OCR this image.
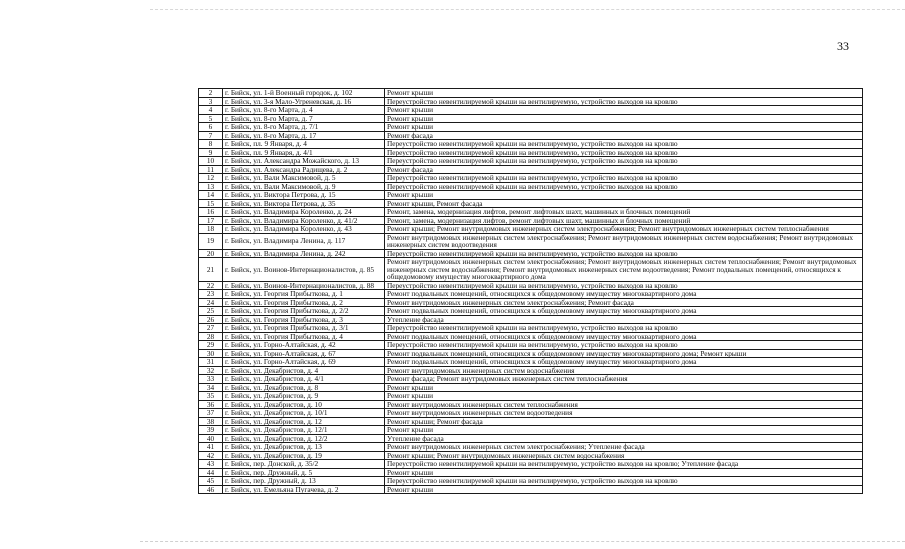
33
2	г. Бийск, ул. 1-й Военный городок, д. 102	Ремонт крыши
3	г. Бийск, ул. 3-я Мало-Угреневская, д. 16	Переустройство невентилируемой крыши на вентилируемую, устройство выходов на кровлю
4	г. Бийск, ул. 8-го Марта, д. 4	Ремонт крыши
5	г. Бийск, ул. 8-го Марта, д. 7	Ремонт крыши
6	г. Бийск, ул. 8-го Марта, д. 7/1	Ремонт крыши
7	г. Бийск, ул. 8-го Марта, д. 17	Ремонт фасада
8	г. Бийск, пл. 9 Января, д. 4	Переустройство невентилируемой крыши на вентилируемую, устройство выходов на кровлю
9	г. Бийск, пл. 9 Января, д. 4/1	Переустройство невентилируемой крыши на вентилируемую, устройство выходов на кровлю
10	г. Бийск, ул. Александра Можайского, д. 13	Переустройство невентилируемой крыши на вентилируемую, устройство выходов на кровлю
11	г. Бийск, ул. Александра Радищева, д. 2	Ремонт фасада
12	г. Бийск, ул. Вали Максимовой, д. 5	Переустройство невентилируемой крыши на вентилируемую, устройство выходов на кровлю
13	г. Бийск, ул. Вали Максимовой, д. 9	Переустройство невентилируемой крыши на вентилируемую, устройство выходов на кровлю
14	г. Бийск, ул. Виктора Петрова, д. 15	Ремонт крыши
15	г. Бийск, ул. Виктора Петрова, д. 35	Ремонт крыши, Ремонт фасада
16	г. Бийск, ул. Владимира Короленко, д. 24	Ремонт, замена, модернизация лифтов, ремонт лифтовых шахт, машинных и блочных помещений
17	г. Бийск, ул. Владимира Короленко, д. 41/2	Ремонт, замена, модернизация лифтов, ремонт лифтовых шахт, машинных и блочных помещений
18	г. Бийск, ул. Владимира Короленко, д. 43	Ремонт крыши; Ремонт внутридомовых инженерных систем электроснабжения; Ремонт внутридомовых инженерных систем теплоснабжения
19	г. Бийск, ул. Владимира Ленина, д. 117	Ремонт внутридомовых инженерных систем электроснабжения; Ремонт внутридомовых инженерных систем водоснабжения; Ремонт внутридомовых инженерных систем водоотведения
20	г. Бийск, ул. Владимира Ленина, д. 242	Переустройство невентилируемой крыши на вентилируемую, устройство выходов на кровлю
21	г. Бийск, ул. Воинов-Интернационалистов, д. 85	Ремонт внутридомовых инженерных систем электроснабжения; Ремонт внутридомовых инженерных систем теплоснабжения; Ремонт внутридомовых инженерных систем водоснабжения; Ремонт внутридомовых инженерных систем водоотведения; Ремонт подвальных помещений, относящихся к общедомовому имуществу многоквартирного дома
22	г. Бийск, ул. Воинов-Интернационалистов, д. 88	Переустройство невентилируемой крыши на вентилируемую, устройство выходов на кровлю
23	г. Бийск, ул. Георгия Прибыткова, д. 1	Ремонт подвальных помещений, относящихся к общедомовому имуществу многоквартирного дома
24	г. Бийск, ул. Георгия Прибыткова, д. 2	Ремонт внутридомовых инженерных систем электроснабжения; Ремонт фасада
25	г. Бийск, ул. Георгия Прибыткова, д. 2/2	Ремонт подвальных помещений, относящихся к общедомовому имуществу многоквартирного дома
26	г. Бийск, ул. Георгия Прибыткова, д. 3	Утепление фасада
27	г. Бийск, ул. Георгия Прибыткова, д. 3/1	Переустройство невентилируемой крыши на вентилируемую, устройство выходов на кровлю
28	г. Бийск, ул. Георгия Прибыткова, д. 4	Ремонт подвальных помещений, относящихся к общедомовому имуществу многоквартирного дома
29	г. Бийск, ул. Горно-Алтайская, д. 42	Переустройство невентилируемой крыши на вентилируемую, устройство выходов на кровлю
30	г. Бийск, ул. Горно-Алтайская, д. 67	Ремонт подвальных помещений, относящихся к общедомовому имуществу многоквартирного дома; Ремонт крыши
31	г. Бийск, ул. Горно-Алтайская, д. 69	Ремонт подвальных помещений, относящихся к общедомовому имуществу многоквартирного дома
32	г. Бийск, ул. Декабристов, д. 4	Ремонт внутридомовых инженерных систем водоснабжения
33	г. Бийск, ул. Декабристов, д. 4/1	Ремонт фасада; Ремонт внутридомовых инженерных систем теплоснабжения
34	г. Бийск, ул. Декабристов, д. 8	Ремонт крыши
35	г. Бийск, ул. Декабристов, д. 9	Ремонт крыши
36	г. Бийск, ул. Декабристов, д. 10	Ремонт внутридомовых инженерных систем теплоснабжения
37	г. Бийск, ул. Декабристов, д. 10/1	Ремонт внутридомовых инженерных систем водоотведения
38	г. Бийск, ул. Декабристов, д. 12	Ремонт крыши; Ремонт фасада
39	г. Бийск, ул. Декабристов, д. 12/1	Ремонт крыши
40	г. Бийск, ул. Декабристов, д. 12/2	Утепление фасада
41	г. Бийск, ул. Декабристов, д. 13	Ремонт внутридомовых инженерных систем электроснабжения; Утепление фасада
42	г. Бийск, ул. Декабристов, д. 19	Ремонт крыши; Ремонт внутридомовых инженерных систем водоснабжения
43	г. Бийск, пер. Донской, д. 35/2	Переустройство невентилируемой крыши на вентилируемую, устройство выходов на кровлю; Утепление фасада
44	г. Бийск, пер. Дружный, д. 5	Ремонт крыши
45	г. Бийск, пер. Дружный, д. 13	Переустройство невентилируемой крыши на вентилируемую, устройство выходов на кровлю
46	г. Бийск, ул. Емельяна Пугачева, д. 2	Ремонт крыши
